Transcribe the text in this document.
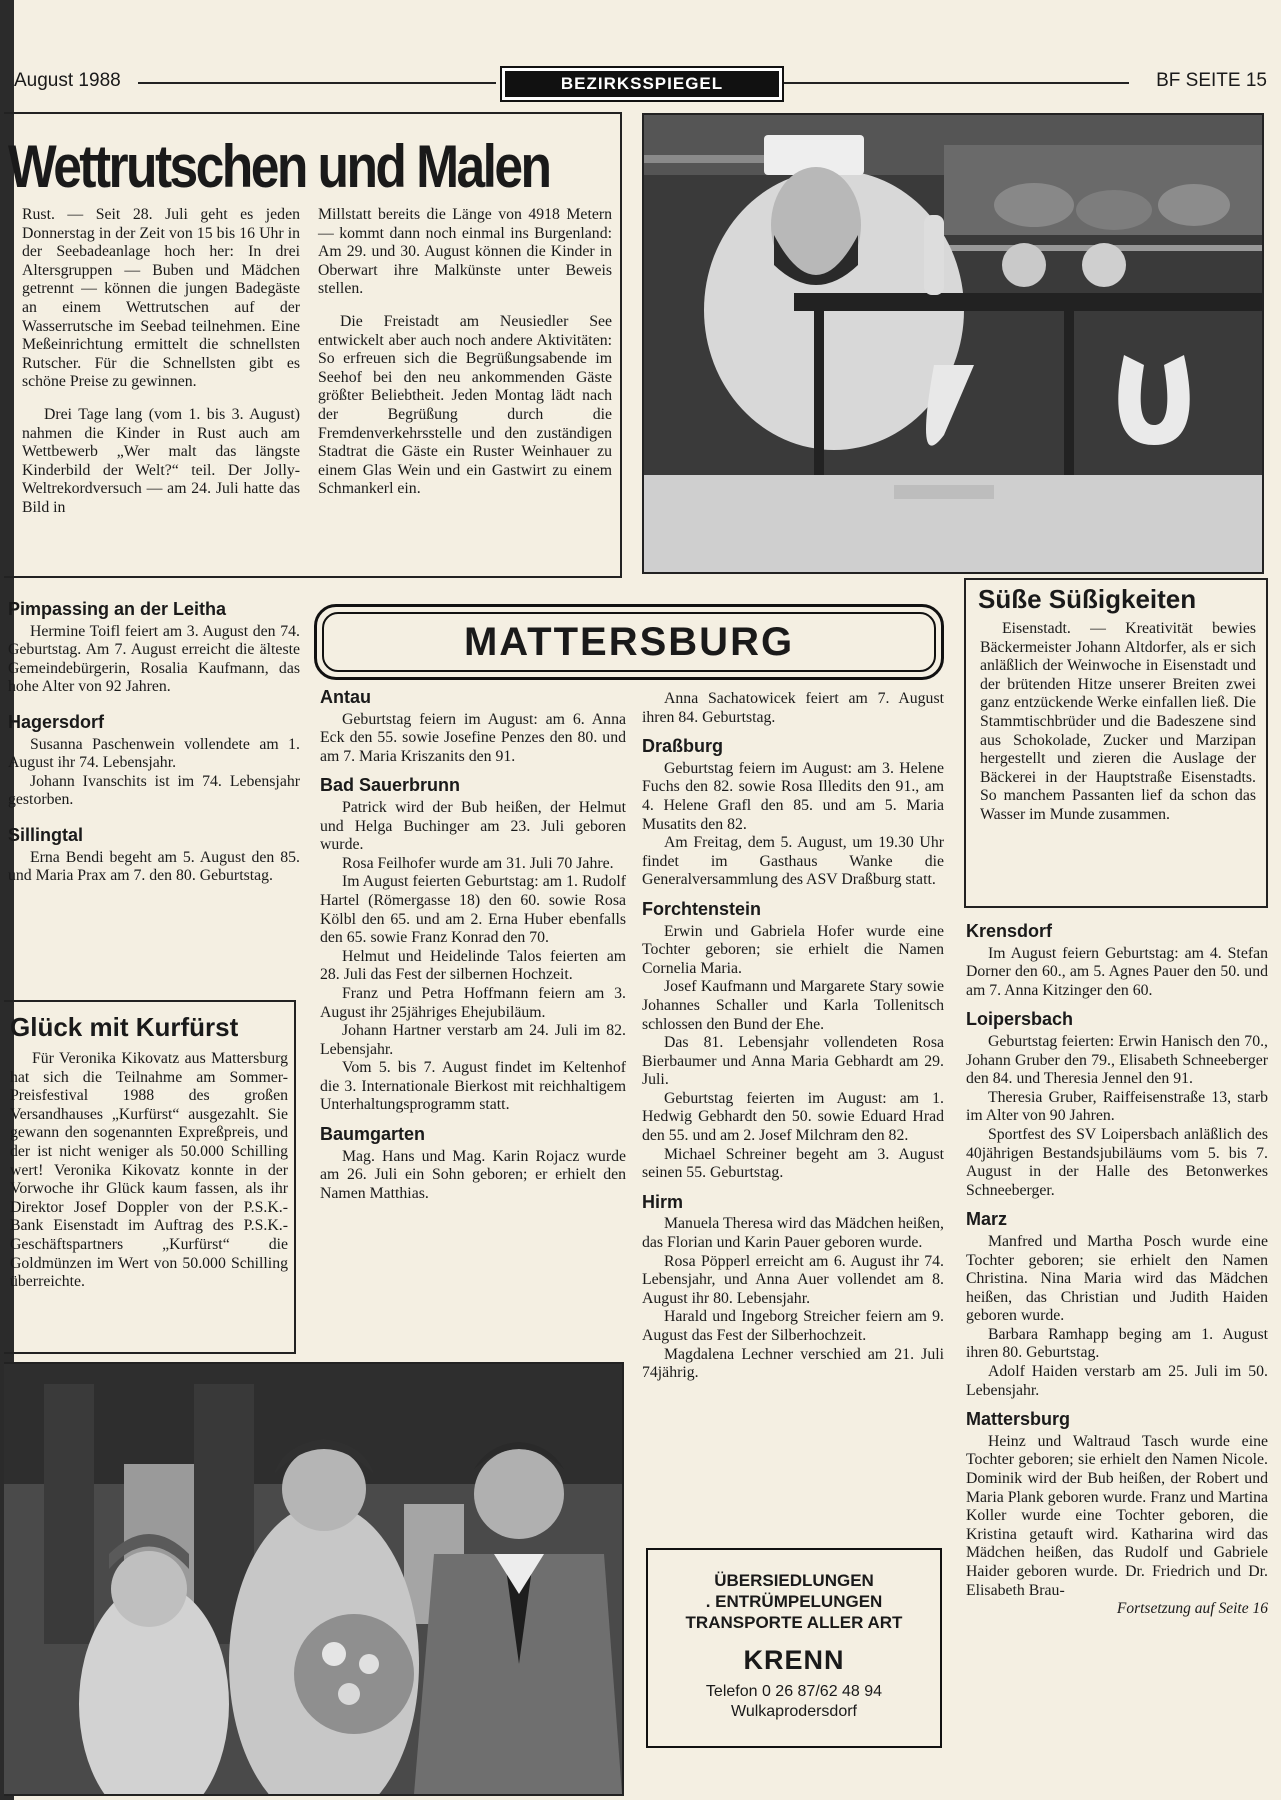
August 1988	BEZIRKSSPIEGEL	BF SEITE 15
Wettrutschen und Malen

Rust. — Seit 28. Juli geht es jeden Donnerstag in der Zeit von 15 bis 16 Uhr in der Seebadeanlage hoch her: In drei Altersgruppen — Buben und Mädchen getrennt — können die jungen Badegäste an einem Wettrutschen auf der Wasserrutsche im Seebad teilnehmen. Eine Meßeinrichtung ermittelt die schnellsten Rutscher. Für die Schnellsten gibt es schöne Preise zu gewinnen.

Drei Tage lang (vom 1. bis 3. August) nahmen die Kinder in Rust auch am Wettbewerb „Wer malt das längste Kinderbild der Welt?“ teil. Der Jolly-Weltrekordversuch — am 24. Juli hatte das Bild in

Millstatt bereits die Länge von 4918 Metern — kommt dann noch einmal ins Burgenland: Am 29. und 30. August können die Kinder in Oberwart ihre Malkünste unter Beweis stellen.

Die Freistadt am Neusiedler See entwickelt aber auch noch andere Aktivitäten: So erfreuen sich die Begrüßungsabende im Seehof bei den neu ankommenden Gäste größter Beliebtheit. Jeden Montag lädt nach der Begrüßung durch die Fremdenverkehrsstelle und den zuständigen Stadtrat die Gäste ein Ruster Weinhauer zu einem Glas Wein und ein Gastwirt zu einem Schmankerl ein.

Pimpassing an der Leitha

Hermine Toifl feiert am 3. August den 74. Geburtstag. Am 7. August erreicht die älteste Gemeindebürgerin, Rosalia Kaufmann, das hohe Alter von 92 Jahren.

Hagersdorf

Susanna Paschenwein vollendete am 1. August ihr 74. Lebensjahr.

Johann Ivanschits ist im 74. Lebensjahr gestorben.

Sillingtal

Erna Bendi begeht am 5. August den 85. und Maria Prax am 7. den 80. Geburtstag.

Glück mit Kurfürst

Für Veronika Kikovatz aus Mattersburg hat sich die Teilnahme am Sommer-Preisfestival 1988 des großen Versandhauses „Kurfürst“ ausgezahlt. Sie gewann den sogenannten Expreßpreis, und der ist nicht weniger als 50.000 Schilling wert! Veronika Kikovatz konnte in der Vorwoche ihr Glück kaum fassen, als ihr Direktor Josef Doppler von der P.S.K.-Bank Eisenstadt im Auftrag des P.S.K.-Geschäftspartners „Kurfürst“ die Goldmünzen im Wert von 50.000 Schilling überreichte.

MATTERSBURG
Antau

Geburtstag feiern im August: am 6. Anna Eck den 55. sowie Josefine Penzes den 80. und am 7. Maria Kriszanits den 91.

Bad Sauerbrunn

Patrick wird der Bub heißen, der Helmut und Helga Buchinger am 23. Juli geboren wurde.

Rosa Feilhofer wurde am 31. Juli 70 Jahre.

Im August feierten Geburtstag: am 1. Rudolf Hartel (Römergasse 18) den 60. sowie Rosa Kölbl den 65. und am 2. Erna Huber ebenfalls den 65. sowie Franz Konrad den 70.

Helmut und Heidelinde Talos feierten am 28. Juli das Fest der silbernen Hochzeit.

Franz und Petra Hoffmann feiern am 3. August ihr 25jähriges Ehejubiläum.

Johann Hartner verstarb am 24. Juli im 82. Lebensjahr.

Vom 5. bis 7. August findet im Keltenhof die 3. Internationale Bierkost mit reichhaltigem Unterhaltungsprogramm statt.

Baumgarten

Mag. Hans und Mag. Karin Rojacz wurde am 26. Juli ein Sohn geboren; er erhielt den Namen Matthias.

Anna Sachatowicek feiert am 7. August ihren 84. Geburtstag.

Draßburg

Geburtstag feiern im August: am 3. Helene Fuchs den 82. sowie Rosa Illedits den 91., am 4. Helene Grafl den 85. und am 5. Maria Musatits den 82.

Am Freitag, dem 5. August, um 19.30 Uhr findet im Gasthaus Wanke die Generalversammlung des ASV Draßburg statt.

Forchtenstein

Erwin und Gabriela Hofer wurde eine Tochter geboren; sie erhielt die Namen Cornelia Maria.

Josef Kaufmann und Margarete Stary sowie Johannes Schaller und Karla Tollenitsch schlossen den Bund der Ehe.

Das 81. Lebensjahr vollendeten Rosa Bierbaumer und Anna Maria Gebhardt am 29. Juli.

Geburtstag feierten im August: am 1. Hedwig Gebhardt den 50. sowie Eduard Hrad den 55. und am 2. Josef Milchram den 82.

Michael Schreiner begeht am 3. August seinen 55. Geburtstag.

Hirm

Manuela Theresa wird das Mädchen heißen, das Florian und Karin Pauer geboren wurde.

Rosa Pöpperl erreicht am 6. August ihr 74. Lebensjahr, und Anna Auer vollendet am 8. August ihr 80. Lebensjahr.

Harald und Ingeborg Streicher feiern am 9. August das Fest der Silberhochzeit.

Magdalena Lechner verschied am 21. Juli 74jährig.

ÜBERSIEDLUNGEN
. ENTRÜMPELUNGEN
TRANSPORTE ALLER ART
KRENN
Telefon 0 26 87/62 48 94
Wulkaprodersdorf
Süße Süßigkeiten

Eisenstadt. — Kreativität bewies Bäckermeister Johann Altdorfer, als er sich anläßlich der Weinwoche in Eisenstadt und der brütenden Hitze unserer Breiten zwei ganz entzückende Werke einfallen ließ. Die Stammtischbrüder und die Badeszene sind aus Schokolade, Zucker und Marzipan hergestellt und zieren die Auslage der Bäckerei in der Hauptstraße Eisenstadts. So manchem Passanten lief da schon das Wasser im Munde zusammen.

Krensdorf

Im August feiern Geburtstag: am 4. Stefan Dorner den 60., am 5. Agnes Pauer den 50. und am 7. Anna Kitzinger den 60.

Loipersbach

Geburtstag feierten: Erwin Hanisch den 70., Johann Gruber den 79., Elisabeth Schneeberger den 84. und Theresia Jennel den 91.

Theresia Gruber, Raiffeisenstraße 13, starb im Alter von 90 Jahren.

Sportfest des SV Loipersbach anläßlich des 40jährigen Bestandsjubiläums vom 5. bis 7. August in der Halle des Betonwerkes Schneeberger.

Marz

Manfred und Martha Posch wurde eine Tochter geboren; sie erhielt den Namen Christina. Nina Maria wird das Mädchen heißen, das Christian und Judith Haiden geboren wurde.

Barbara Ramhapp beging am 1. August ihren 80. Geburtstag.

Adolf Haiden verstarb am 25. Juli im 50. Lebensjahr.

Mattersburg

Heinz und Waltraud Tasch wurde eine Tochter geboren; sie erhielt den Namen Nicole. Dominik wird der Bub heißen, der Robert und Maria Plank geboren wurde. Franz und Martina Koller wurde eine Tochter geboren, die Kristina getauft wird. Katharina wird das Mädchen heißen, das Rudolf und Gabriele Haider geboren wurde. Dr. Friedrich und Dr. Elisabeth Brau-

Fortsetzung auf Seite 16
